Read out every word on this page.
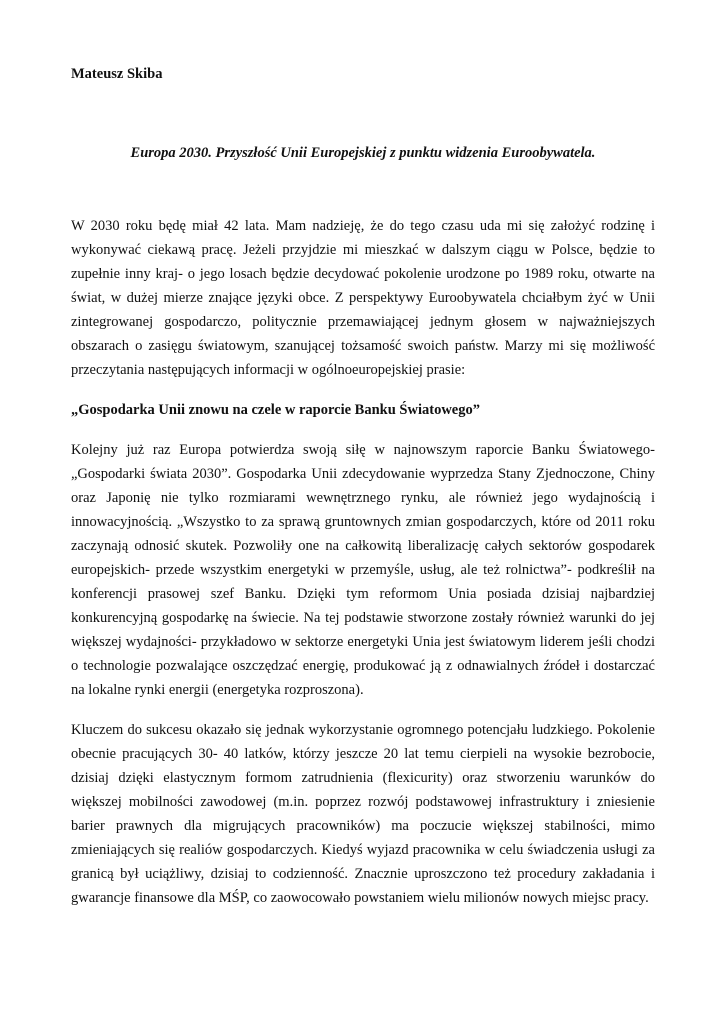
Mateusz Skiba

Europa 2030. Przyszłość Unii Europejskiej z punktu widzenia Euroobywatela.

W 2030 roku będę miał 42 lata. Mam nadzieję, że do tego czasu uda mi się założyć rodzinę i wykonywać ciekawą pracę. Jeżeli przyjdzie mi mieszkać w dalszym ciągu w Polsce, będzie to zupełnie inny kraj- o jego losach będzie decydować pokolenie urodzone po 1989 roku, otwarte na świat, w dużej mierze znające języki obce. Z perspektywy Euroobywatela chciałbym żyć w Unii zintegrowanej gospodarczo, politycznie przemawiającej jednym głosem w najważniejszych obszarach o zasięgu światowym, szanującej tożsamość swoich państw. Marzy mi się możliwość przeczytania następujących informacji w ogólnoeuropejskiej prasie:

„Gospodarka Unii znowu na czele w raporcie Banku Światowego”

Kolejny już raz Europa potwierdza swoją siłę w najnowszym raporcie Banku Światowego- „Gospodarki świata 2030”. Gospodarka Unii zdecydowanie wyprzedza Stany Zjednoczone, Chiny oraz Japonię nie tylko rozmiarami wewnętrznego rynku, ale również jego wydajnością i innowacyjnością. „Wszystko to za sprawą gruntownych zmian gospodarczych, które od 2011 roku zaczynają odnosić skutek. Pozwoliły one na całkowitą liberalizację całych sektorów gospodarek europejskich- przede wszystkim energetyki w przemyśle, usług, ale też rolnictwa”- podkreślił na konferencji prasowej szef Banku. Dzięki tym reformom Unia posiada dzisiaj najbardziej konkurencyjną gospodarkę na świecie. Na tej podstawie stworzone zostały również warunki do jej większej wydajności- przykładowo w sektorze energetyki Unia jest światowym liderem jeśli chodzi o technologie pozwalające oszczędzać energię, produkować ją z odnawialnych źródeł i dostarczać na lokalne rynki energii (energetyka rozproszona).

Kluczem do sukcesu okazało się jednak wykorzystanie ogromnego potencjału ludzkiego. Pokolenie obecnie pracujących 30- 40 latków, którzy jeszcze 20 lat temu cierpieli na wysokie bezrobocie, dzisiaj dzięki elastycznym formom zatrudnienia (flexicurity) oraz stworzeniu warunków do większej mobilności zawodowej (m.in. poprzez rozwój podstawowej infrastruktury i zniesienie barier prawnych dla migrujących pracowników) ma poczucie większej stabilności, mimo zmieniających się realiów gospodarczych. Kiedyś wyjazd pracownika w celu świadczenia usługi za granicą był uciążliwy, dzisiaj to codzienność. Znacznie uproszczono też procedury zakładania i gwarancje finansowe dla MŚP, co zaowocowało powstaniem wielu milionów nowych miejsc pracy.
